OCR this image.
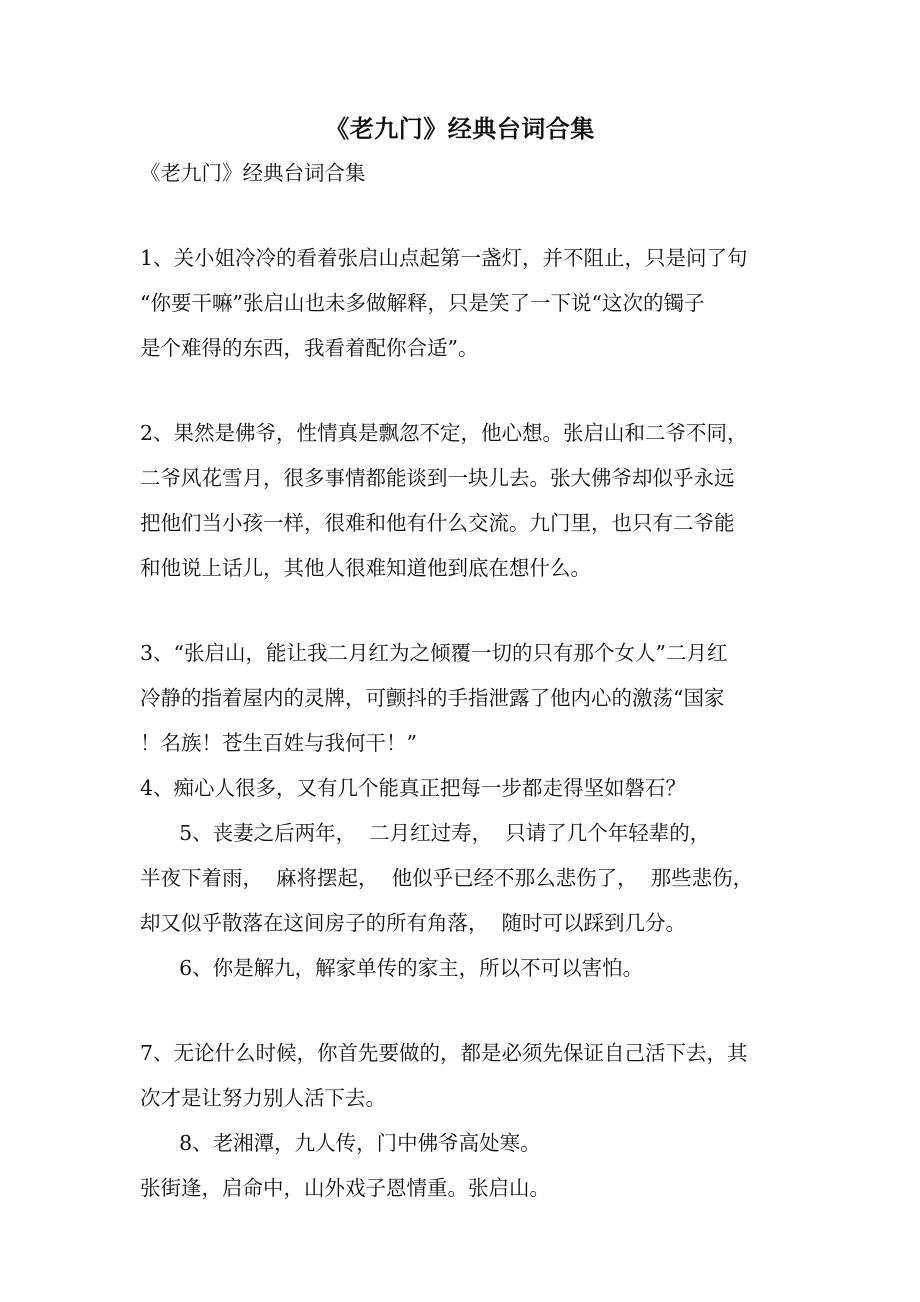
《老九门》经典台词合集
《老九门》经典台词合集
1、关小姐冷冷的看着张启山点起第一盏灯，并不阻止，只是问了句
“你要干嘛”张启山也未多做解释，只是笑了一下说“这次的镯子
是个难得的东西，我看着配你合适”。
2、果然是佛爷，性情真是飘忽不定，他心想。张启山和二爷不同，
二爷风花雪月，很多事情都能谈到一块儿去。张大佛爷却似乎永远
把他们当小孩一样，很难和他有什么交流。九门里，也只有二爷能
和他说上话儿，其他人很难知道他到底在想什么。
3、“张启山，能让我二月红为之倾覆一切的只有那个女人”二月红
冷静的指着屋内的灵牌，可颤抖的手指泄露了他内心的激荡“国家
！名族！苍生百姓与我何干！”
4、痴心人很多，又有几个能真正把每一步都走得坚如磐石？
5、丧妻之后两年，  二月红过寿，  只请了几个年轻辈的，
半夜下着雨，  麻将摆起，  他似乎已经不那么悲伤了，  那些悲伤，
却又似乎散落在这间房子的所有角落，  随时可以踩到几分。
6、你是解九，解家单传的家主，所以不可以害怕。
7、无论什么时候，你首先要做的，都是必须先保证自己活下去，其
次才是让努力别人活下去。
8、老湘潭，九人传，门中佛爷高处寒。
张街逢，启命中，山外戏子恩情重。张启山。
